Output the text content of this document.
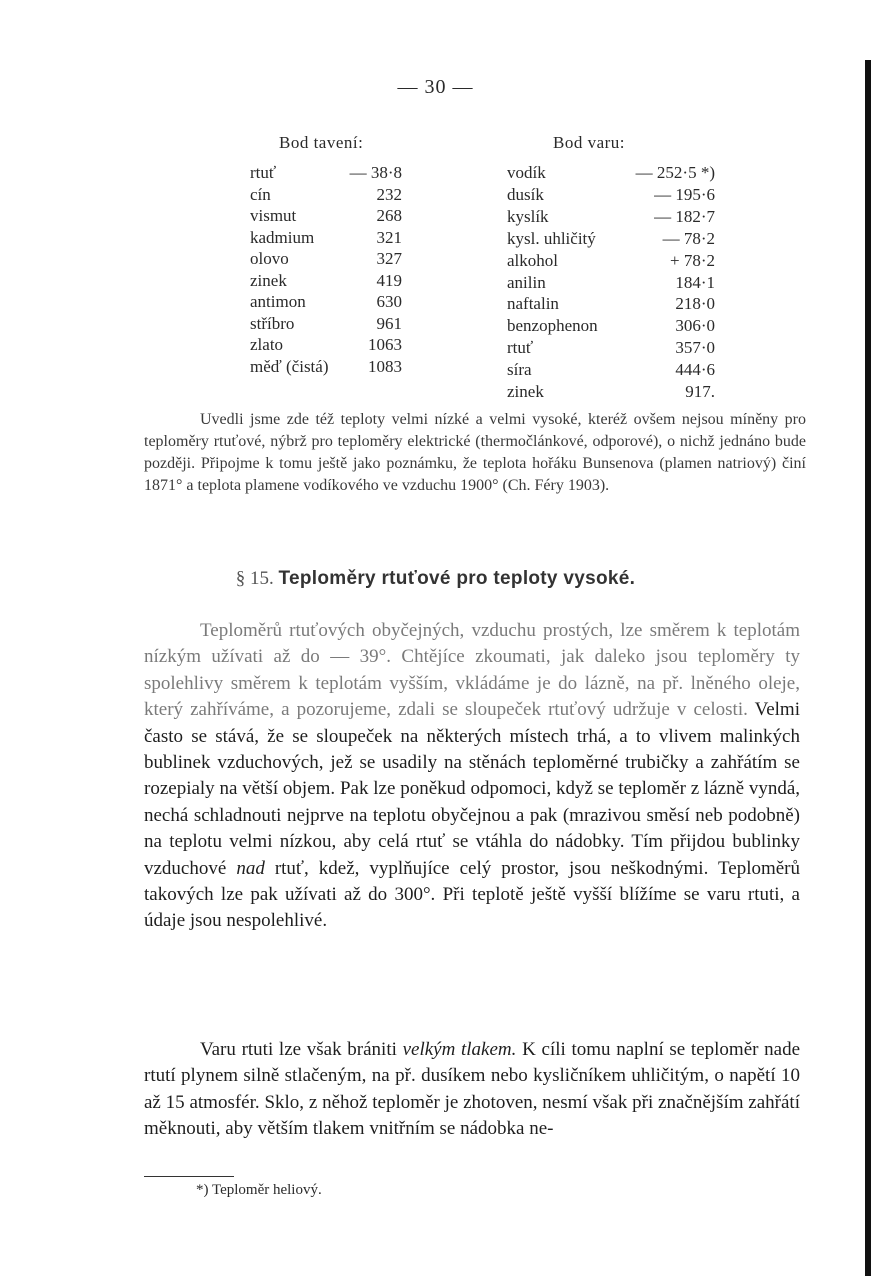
— 30 —
Bod tavení:
rtuť	— 38·8
cín	232
vismut	268
kadmium	321
olovo	327
zinek	419
antimon	630
stříbro	961
zlato	1063
měď (čistá)	1083
Bod varu:
vodík	— 252·5 *)
dusík	— 195·6
kyslík	— 182·7
kysl. uhličitý	— 78·2
alkohol	+ 78·2
anilin	184·1
naftalin	218·0
benzophenon	306·0
rtuť	357·0
síra	444·6
zinek	917.

Uvedli jsme zde též teploty velmi nízké a velmi vysoké, kteréž ovšem nejsou míněny pro teploměry rtuťové, nýbrž pro teploměry elektrické (thermočlánkové, odporové), o nichž jednáno bude později. Připojme k tomu ještě jako poznámku, že teplota hořáku Bunsenova (plamen natriový) činí 1871° a teplota plamene vodíkového ve vzduchu 1900° (Ch. Féry 1903).

§ 15. Teploměry rtuťové pro teploty vysoké.

Teploměrů rtuťových obyčejných, vzduchu prostých, lze směrem k teplotám nízkým užívati až do — 39°. Chtějíce zkoumati, jak daleko jsou teploměry ty spolehlivy směrem k teplotám vyšším, vkládáme je do lázně, na př. lněného oleje, který zahříváme, a pozorujeme, zdali se sloupeček rtuťový udržuje v celosti. Velmi často se stává, že se sloupeček na některých místech trhá, a to vlivem malinkých bublinek vzduchových, jež se usadily na stěnách teploměrné trubičky a zahřátím se rozepialy na větší objem. Pak lze poněkud odpomoci, když se teploměr z lázně vyndá, nechá schladnouti nejprve na teplotu obyčejnou a pak (mrazivou směsí neb podobně) na teplotu velmi nízkou, aby celá rtuť se vtáhla do nádobky. Tím přijdou bublinky vzduchové nad rtuť, kdež, vyplňujíce celý prostor, jsou neškodnými. Teploměrů takových lze pak užívati až do 300°. Při teplotě ještě vyšší blížíme se varu rtuti, a údaje jsou nespolehlivé.

Varu rtuti lze však brániti velkým tlakem. K cíli tomu naplní se teploměr nade rtutí plynem silně stlačeným, na př. dusíkem nebo kysličníkem uhličitým, o napětí 10 až 15 atmosfér. Sklo, z něhož teploměr je zhotoven, nesmí však při značnějším zahřátí měknouti, aby větším tlakem vnitřním se nádobka ne-

*) Teploměr heliový.
